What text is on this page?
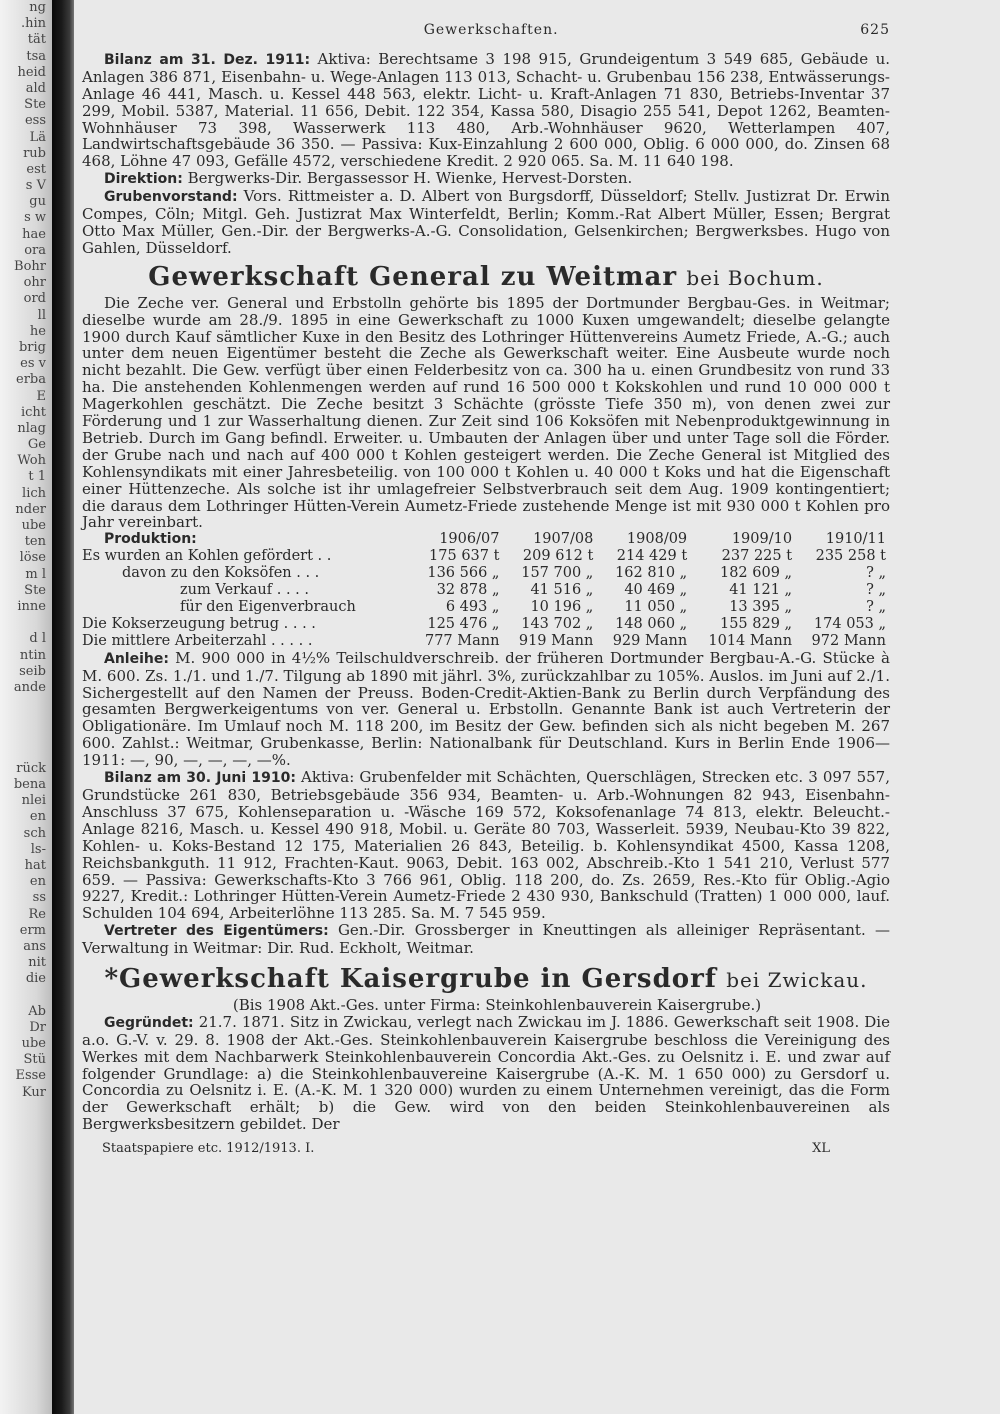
ng
.hin
tät
tsa
heid
ald
Ste
ess
Lä
rub
est
s V
gu
s w
hae
ora
Bohr
ohr
ord
ll
he
brig
es v
erba
E
icht
nlag
Ge
Woh
t 1
lich
nder
ube
ten
löse
m l
Ste
inne
d l
ntin
seib
ande
rück
bena
nlei
en
sch
ls-
hat
en
ss
Re
erm
ans
nit
die
Ab
Dr
ube
Stü
Esse
Kur
Gewerkschaften.	625

Bilanz am 31. Dez. 1911: Aktiva: Berechtsame 3 198 915, Grundeigentum 3 549 685, Gebäude u. Anlagen 386 871, Eisenbahn- u. Wege-Anlagen 113 013, Schacht- u. Grubenbau 156 238, Entwässerungs-Anlage 46 441, Masch. u. Kessel 448 563, elektr. Licht- u. Kraft-Anlagen 71 830, Betriebs-Inventar 37 299, Mobil. 5387, Material. 11 656, Debit. 122 354, Kassa 580, Disagio 255 541, Depot 1262, Beamten-Wohnhäuser 73 398, Wasserwerk 113 480, Arb.-Wohnhäuser 9620, Wetterlampen 407, Landwirtschaftsgebäude 36 350. — Passiva: Kux-Einzahlung 2 600 000, Oblig. 6 000 000, do. Zinsen 68 468, Löhne 47 093, Gefälle 4572, verschiedene Kredit. 2 920 065. Sa. M. 11 640 198.

Direktion: Bergwerks-Dir. Bergassessor H. Wienke, Hervest-Dorsten.

Grubenvorstand: Vors. Rittmeister a. D. Albert von Burgsdorff, Düsseldorf; Stellv. Justizrat Dr. Erwin Compes, Cöln; Mitgl. Geh. Justizrat Max Winterfeldt, Berlin; Komm.-Rat Albert Müller, Essen; Bergrat Otto Max Müller, Gen.-Dir. der Bergwerks-A.-G. Consolidation, Gelsenkirchen; Bergwerksbes. Hugo von Gahlen, Düsseldorf.

Gewerkschaft General zu Weitmar bei Bochum.

Die Zeche ver. General und Erbstolln gehörte bis 1895 der Dortmunder Bergbau-Ges. in Weitmar; dieselbe wurde am 28./9. 1895 in eine Gewerkschaft zu 1000 Kuxen umgewandelt; dieselbe gelangte 1900 durch Kauf sämtlicher Kuxe in den Besitz des Lothringer Hüttenvereins Aumetz Friede, A.-G.; auch unter dem neuen Eigentümer besteht die Zeche als Gewerkschaft weiter. Eine Ausbeute wurde noch nicht bezahlt. Die Gew. verfügt über einen Felderbesitz von ca. 300 ha u. einen Grundbesitz von rund 33 ha. Die anstehenden Kohlenmengen werden auf rund 16 500 000 t Kokskohlen und rund 10 000 000 t Magerkohlen geschätzt. Die Zeche besitzt 3 Schächte (grösste Tiefe 350 m), von denen zwei zur Förderung und 1 zur Wasserhaltung dienen. Zur Zeit sind 106 Koksöfen mit Nebenproduktgewinnung in Betrieb. Durch im Gang befindl. Erweiter. u. Umbauten der Anlagen über und unter Tage soll die Förder. der Grube nach und nach auf 400 000 t Kohlen gesteigert werden. Die Zeche General ist Mitglied des Kohlensyndikats mit einer Jahresbeteilig. von 100 000 t Kohlen u. 40 000 t Koks und hat die Eigenschaft einer Hüttenzeche. Als solche ist ihr umlagefreier Selbstverbrauch seit dem Aug. 1909 kontingentiert; die daraus dem Lothringer Hütten-Verein Aumetz-Friede zustehende Menge ist mit 930 000 t Kohlen pro Jahr vereinbart.

Produktion:	1906/07	1907/08	1908/09	1909/10	1910/11
Es wurden an Kohlen gefördert . .	175 637 t	209 612 t	214 429 t	237 225 t	235 258 t
davon zu den Koksöfen . . .	136 566 „	157 700 „	162 810 „	182 609 „	? „
zum Verkauf . . . .	32 878 „	41 516 „	40 469 „	41 121 „	? „
für den Eigenverbrauch	6 493 „	10 196 „	11 050 „	13 395 „	? „
Die Kokserzeugung betrug . . . .	125 476 „	143 702 „	148 060 „	155 829 „	174 053 „
Die mittlere Arbeiterzahl . . . . .	777 Mann	919 Mann	929 Mann	1014 Mann	972 Mann

Anleihe: M. 900 000 in 4½% Teilschuldverschreib. der früheren Dortmunder Bergbau-A.-G. Stücke à M. 600. Zs. 1./1. und 1./7. Tilgung ab 1890 mit jährl. 3%, zurückzahlbar zu 105%. Auslos. im Juni auf 2./1. Sichergestellt auf den Namen der Preuss. Boden-Credit-Aktien-Bank zu Berlin durch Verpfändung des gesamten Bergwerkeigentums von ver. General u. Erbstolln. Genannte Bank ist auch Vertreterin der Obligationäre. Im Umlauf noch M. 118 200, im Besitz der Gew. befinden sich als nicht begeben M. 267 600. Zahlst.: Weitmar, Grubenkasse, Berlin: Nationalbank für Deutschland. Kurs in Berlin Ende 1906—1911: —, 90, —, —, —, —%.

Bilanz am 30. Juni 1910: Aktiva: Grubenfelder mit Schächten, Querschlägen, Strecken etc. 3 097 557, Grundstücke 261 830, Betriebsgebäude 356 934, Beamten- u. Arb.-Wohnungen 82 943, Eisenbahn-Anschluss 37 675, Kohlenseparation u. -Wäsche 169 572, Koksofenanlage 74 813, elektr. Beleucht.-Anlage 8216, Masch. u. Kessel 490 918, Mobil. u. Geräte 80 703, Wasserleit. 5939, Neubau-Kto 39 822, Kohlen- u. Koks-Bestand 12 175, Materialien 26 843, Beteilig. b. Kohlensyndikat 4500, Kassa 1208, Reichsbankguth. 11 912, Frachten-Kaut. 9063, Debit. 163 002, Abschreib.-Kto 1 541 210, Verlust 577 659. — Passiva: Gewerkschafts-Kto 3 766 961, Oblig. 118 200, do. Zs. 2659, Res.-Kto für Oblig.-Agio 9227, Kredit.: Lothringer Hütten-Verein Aumetz-Friede 2 430 930, Bankschuld (Tratten) 1 000 000, lauf. Schulden 104 694, Arbeiterlöhne 113 285. Sa. M. 7 545 959.

Vertreter des Eigentümers: Gen.-Dir. Grossberger in Kneuttingen als alleiniger Repräsentant. — Verwaltung in Weitmar: Dir. Rud. Eckholt, Weitmar.

*Gewerkschaft Kaisergrube in Gersdorf bei Zwickau.

(Bis 1908 Akt.-Ges. unter Firma: Steinkohlenbauverein Kaisergrube.)

Gegründet: 21.7. 1871. Sitz in Zwickau, verlegt nach Zwickau im J. 1886. Gewerkschaft seit 1908. Die a.o. G.-V. v. 29. 8. 1908 der Akt.-Ges. Steinkohlenbauverein Kaisergrube beschloss die Vereinigung des Werkes mit dem Nachbarwerk Steinkohlenbauverein Concordia Akt.-Ges. zu Oelsnitz i. E. und zwar auf folgender Grundlage: a) die Steinkohlenbauvereine Kaisergrube (A.-K. M. 1 650 000) zu Gersdorf u. Concordia zu Oelsnitz i. E. (A.-K. M. 1 320 000) wurden zu einem Unternehmen vereinigt, das die Form der Gewerkschaft erhält; b) die Gew. wird von den beiden Steinkohlenbauvereinen als Bergwerksbesitzern gebildet. Der

Staatspapiere etc. 1912/1913. I.	XL
